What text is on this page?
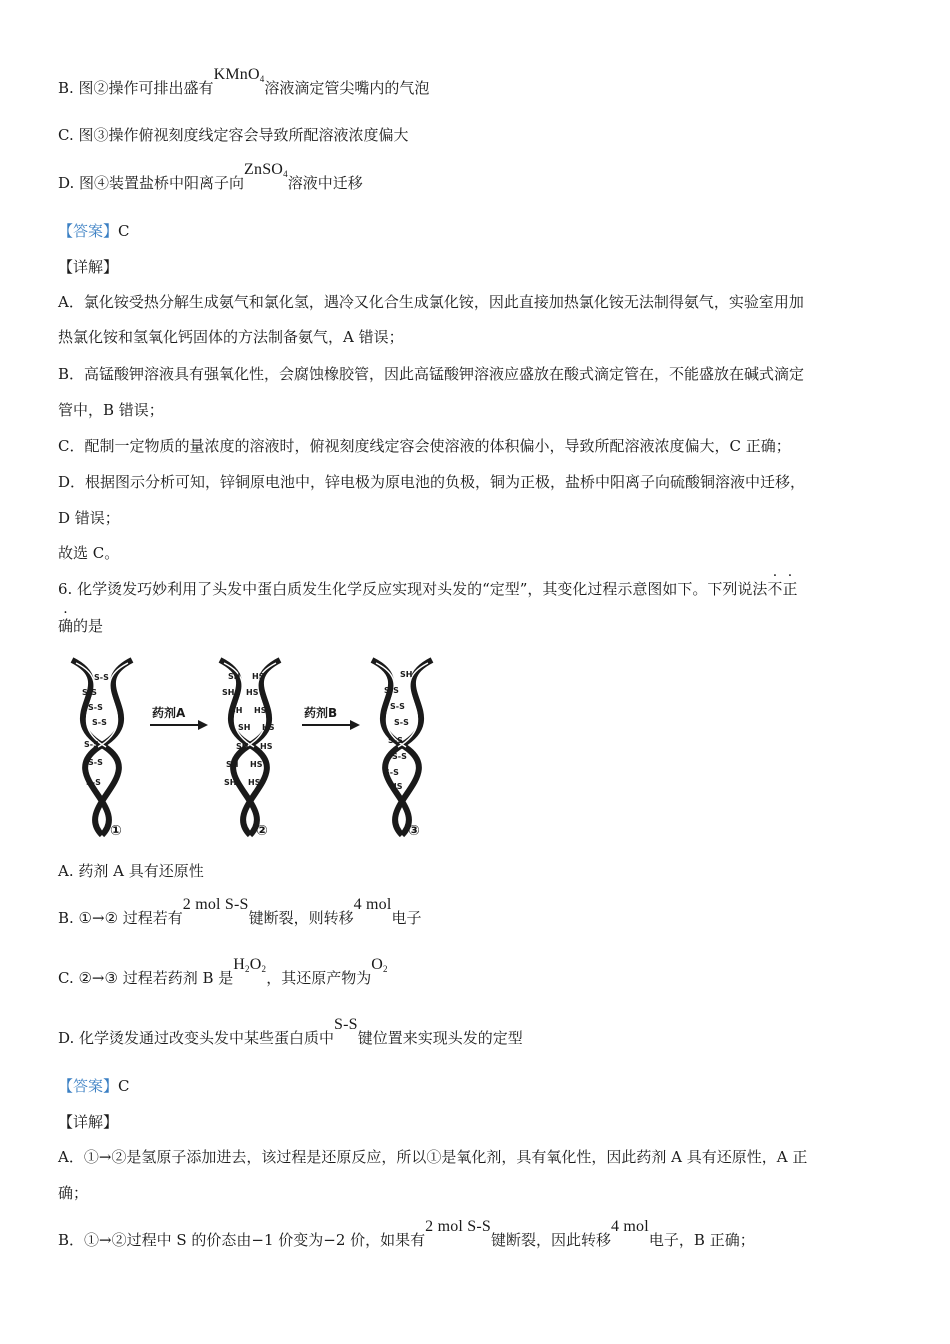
B. 图②操作可排出盛有KMnO$_4$溶液滴定管尖嘴内的气泡
C. 图③操作俯视刻度线定容会导致所配溶液浓度偏大
D. 图④装置盐桥中阳离子向ZnSO$_4$溶液中迁移
【答案】C
【详解】
A．氯化铵受热分解生成氨气和氯化氢，遇冷又化合生成氯化铵，因此直接加热氯化铵无法制得氨气，实验室用加
热氯化铵和氢氧化钙固体的方法制备氨气，A 错误；
B．高锰酸钾溶液具有强氧化性，会腐蚀橡胶管，因此高锰酸钾溶液应盛放在酸式滴定管在，不能盛放在碱式滴定
管中，B 错误；
C．配制一定物质的量浓度的溶液时，俯视刻度线定容会使溶液的体积偏小，导致所配溶液浓度偏大，C 正确；
D．根据图示分析可知，锌铜原电池中，锌电极为原电池的负极，铜为正极，盐桥中阳离子向硫酸铜溶液中迁移，
D 错误；
故选 C。
6. 化学烫发巧妙利用了头发中蛋白质发生化学反应实现对头发的“定型”，其变化过程示意图如下。下列说法不正
确的是
S-S
S-S
S-S
S-S
S-S
S-S
S-S
①
药剂A
SH HS
SH HS
SH HS
SH HS
SH HS
SH HS
SH HS
②
药剂B
SH
S-S
S-S
S-S
S-S
S-S
S-S
HS
③
A. 药剂 A 具有还原性
B. ①→② 过程若有2 mol S-S键断裂，则转移4 mol电子
C. ②→③ 过程若药剂 B 是$H_2O_2$，其还原产物为$O_2$
D. 化学烫发通过改变头发中某些蛋白质中S-S键位置来实现头发的定型
【答案】C
【详解】
A．①→②是氢原子添加进去，该过程是还原反应，所以①是氧化剂，具有氧化性，因此药剂 A 具有还原性，A 正
确；
B．①→②过程中 S 的价态由−1 价变为−2 价，如果有2 mol S-S键断裂，因此转移4 mol电子，B 正确；
